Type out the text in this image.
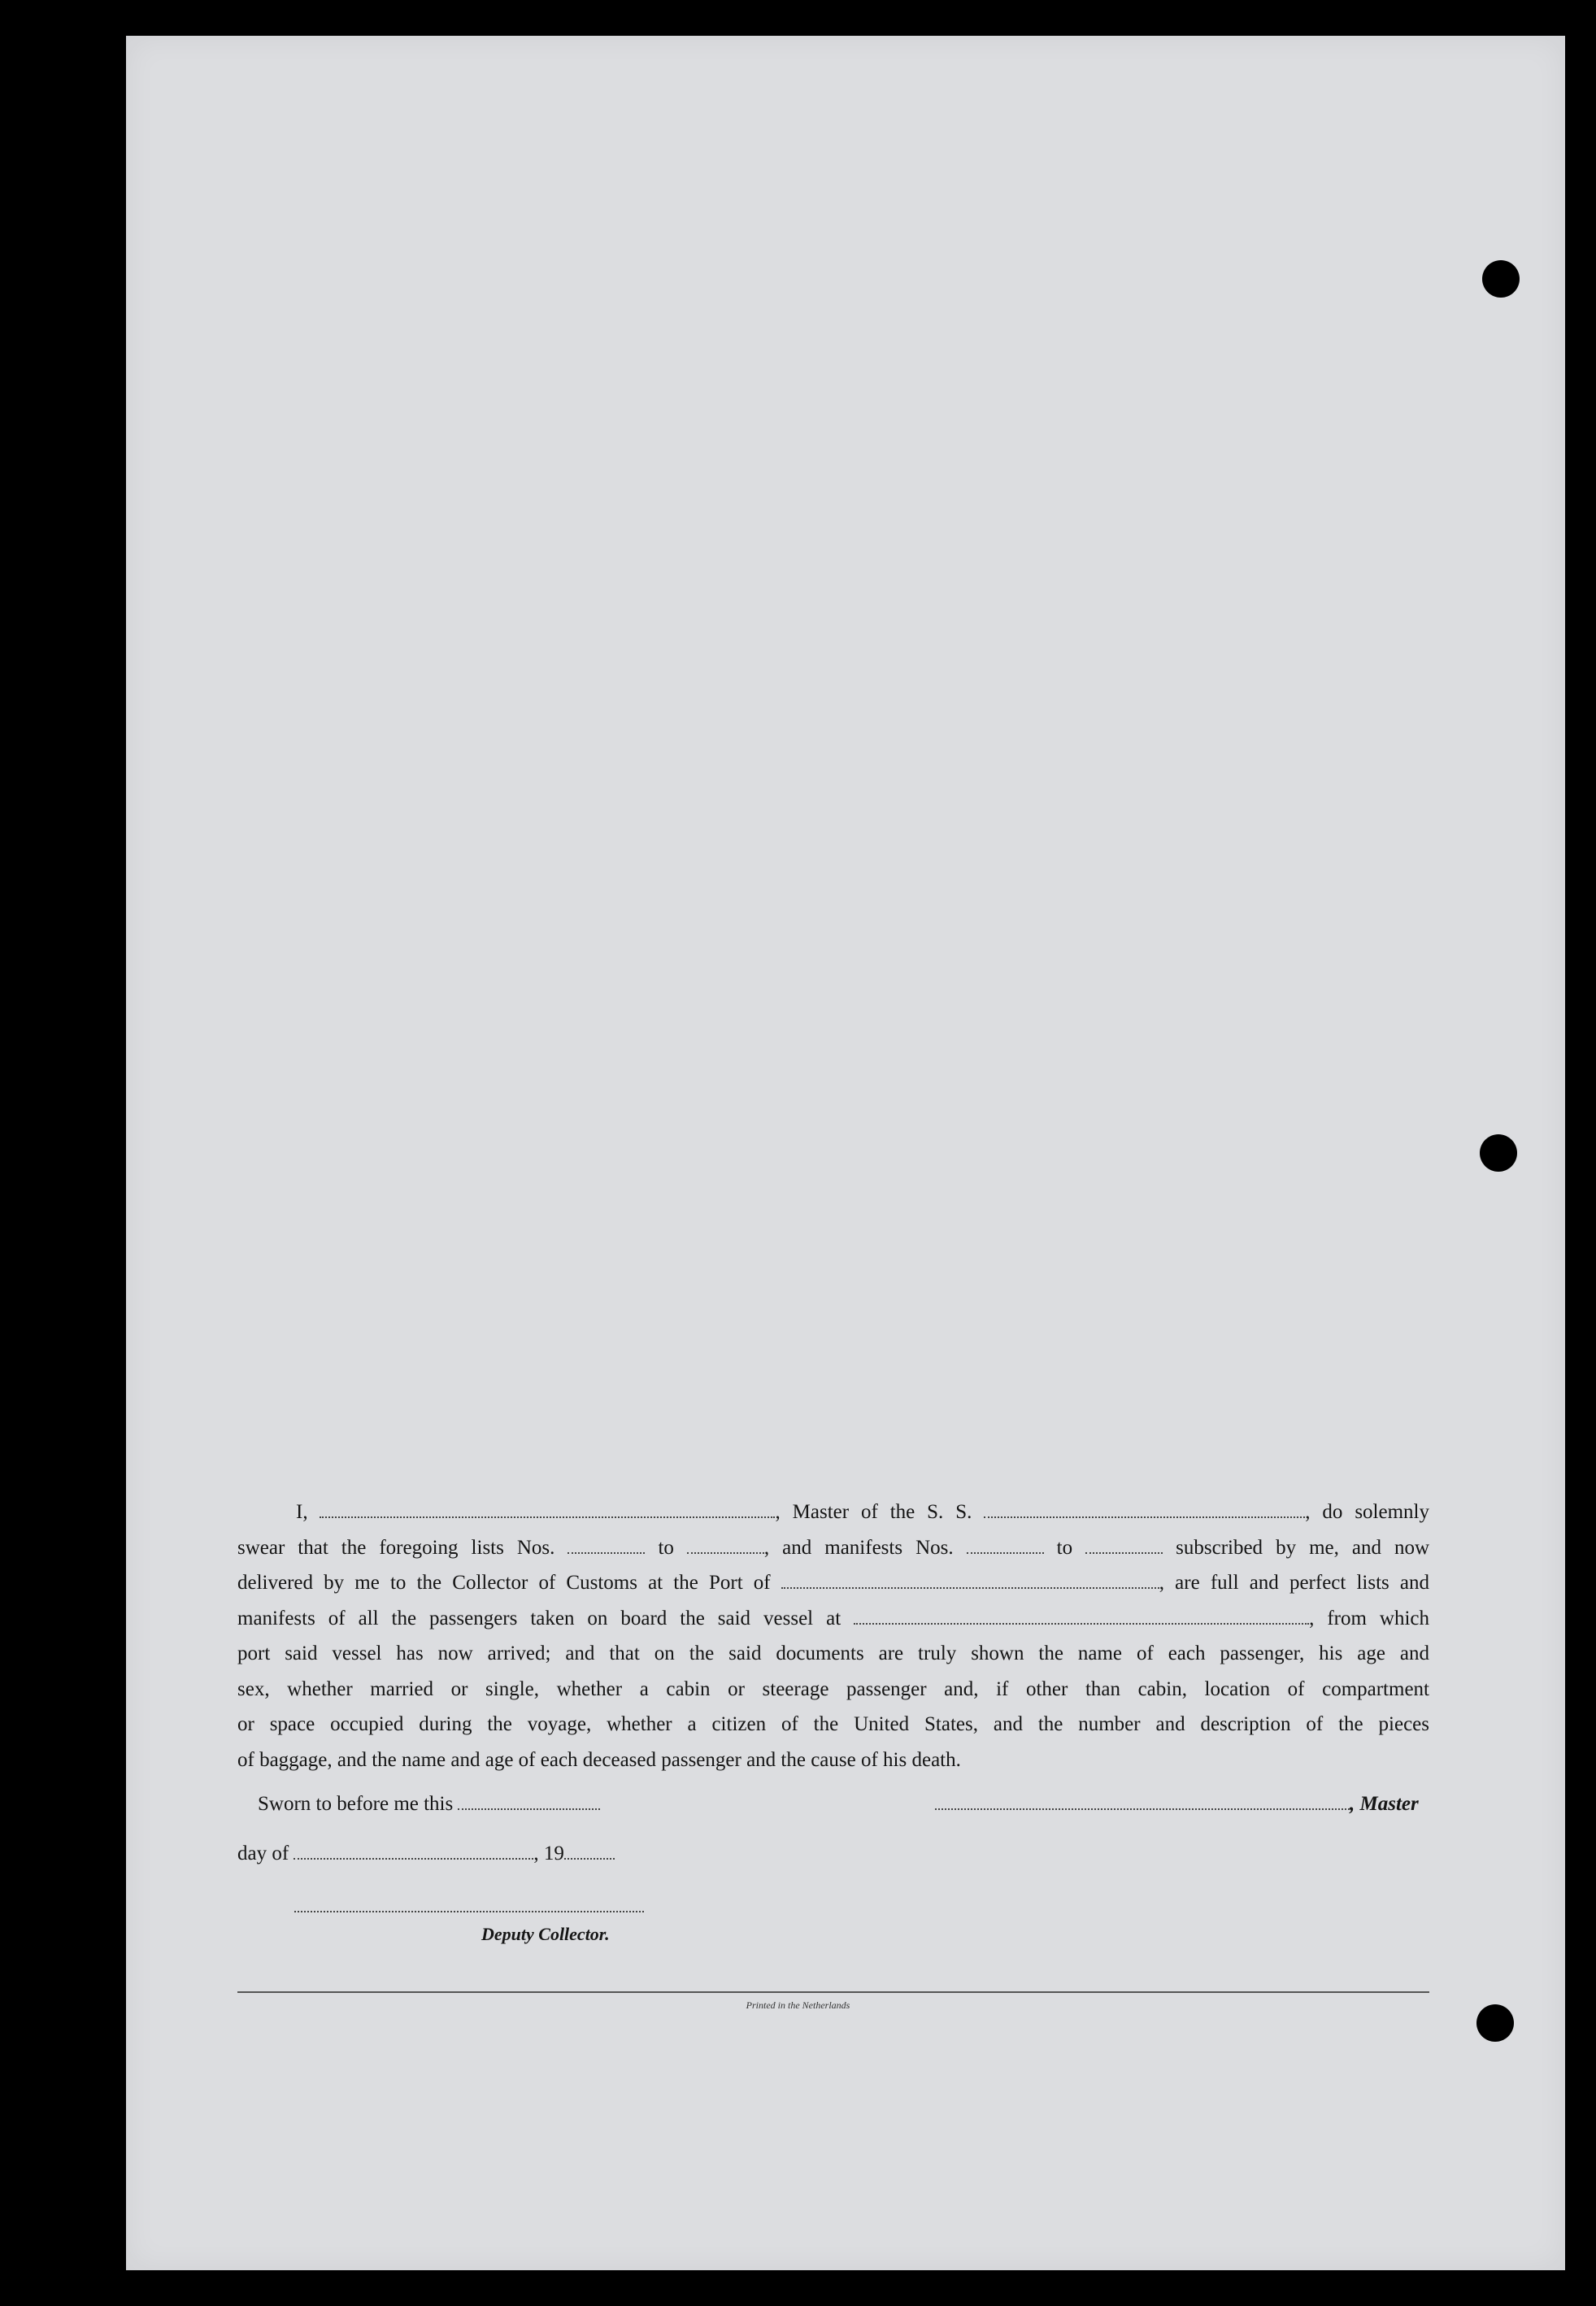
I,	, Master of the S. S.	, do solemnly

swear that the foregoing lists Nos.	to	, and manifests Nos.	to	subscribed by me, and now

delivered by me to the Collector of Customs at the Port of	, are full and perfect lists and

manifests of all the passengers taken on board the said vessel at	, from which

port said vessel has now arrived; and that on the said documents are truly shown the name of each passenger, his age and

sex, whether married or single, whether a cabin or steerage passenger and, if other than cabin, location of compartment

or space occupied during the voyage, whether a citizen of the United States, and the number and description of the pieces

of baggage, and the name and age of each deceased passenger and the cause of his death.

Sworn to before me this	, Master
day of	, 19
Deputy Collector.
Printed in the Netherlands
